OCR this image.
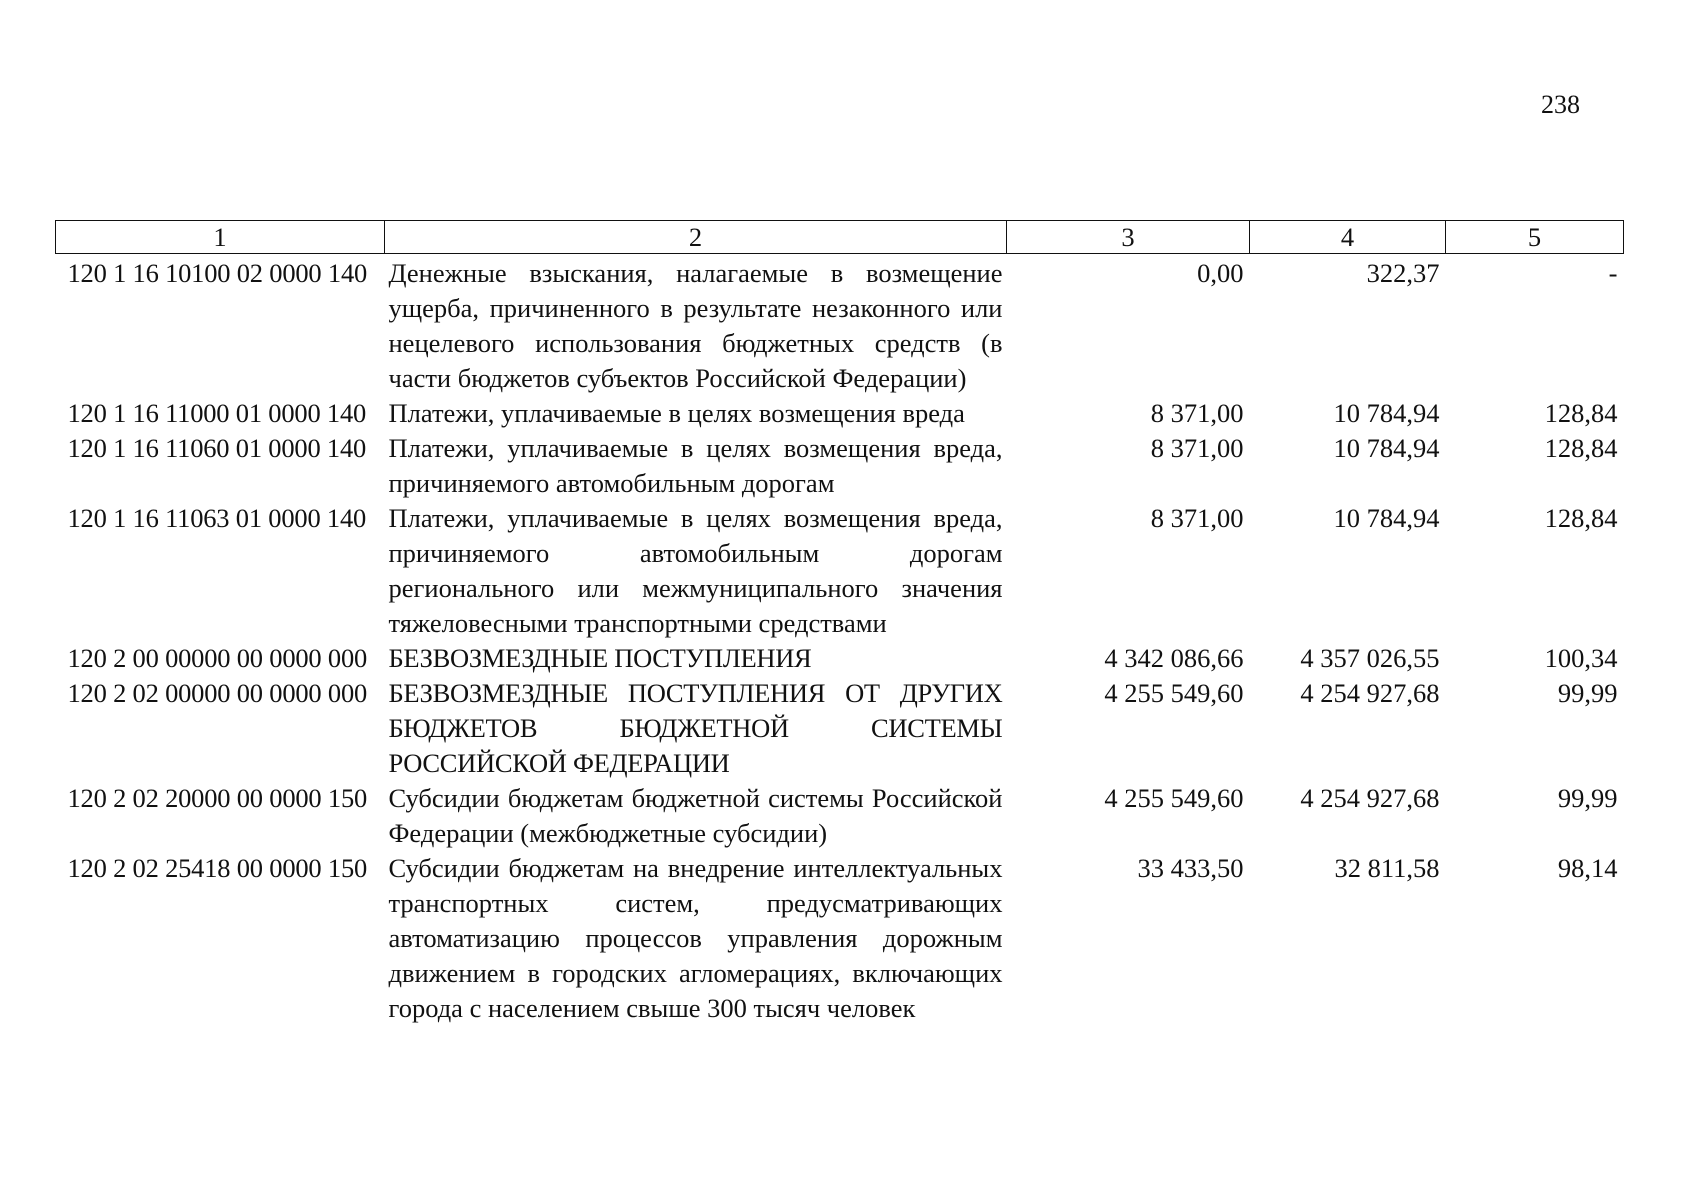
238
1	2	3	4	5
120 1 16 10100 02 0000 140	Денежные взыскания, налагаемые в возмещение ущерба, причиненного в результате незаконного или нецелевого использования бюджетных средств (в части бюджетов субъектов Российской Федерации)	0,00	322,37	-
120 1 16 11000 01 0000 140	Платежи, уплачиваемые в целях возмещения вреда	8 371,00	10 784,94	128,84
120 1 16 11060 01 0000 140	Платежи, уплачиваемые в целях возмещения вреда, причиняемого автомобильным дорогам	8 371,00	10 784,94	128,84
120 1 16 11063 01 0000 140	Платежи, уплачиваемые в целях возмещения вреда, причиняемого автомобильным дорогам регионального или межмуниципального значения тяжеловесными транспортными средствами	8 371,00	10 784,94	128,84
120 2 00 00000 00 0000 000	БЕЗВОЗМЕЗДНЫЕ ПОСТУПЛЕНИЯ	4 342 086,66	4 357 026,55	100,34
120 2 02 00000 00 0000 000	БЕЗВОЗМЕЗДНЫЕ ПОСТУПЛЕНИЯ ОТ ДРУГИХ БЮДЖЕТОВ БЮДЖЕТНОЙ СИСТЕМЫ РОССИЙСКОЙ ФЕДЕРАЦИИ	4 255 549,60	4 254 927,68	99,99
120 2 02 20000 00 0000 150	Субсидии бюджетам бюджетной системы Российской Федерации (межбюджетные субсидии)	4 255 549,60	4 254 927,68	99,99
120 2 02 25418 00 0000 150	Субсидии бюджетам на внедрение интеллектуальных транспортных систем, предусматривающих автоматизацию процессов управления дорожным движением в городских агломерациях, включающих города с населением свыше 300 тысяч человек	33 433,50	32 811,58	98,14
